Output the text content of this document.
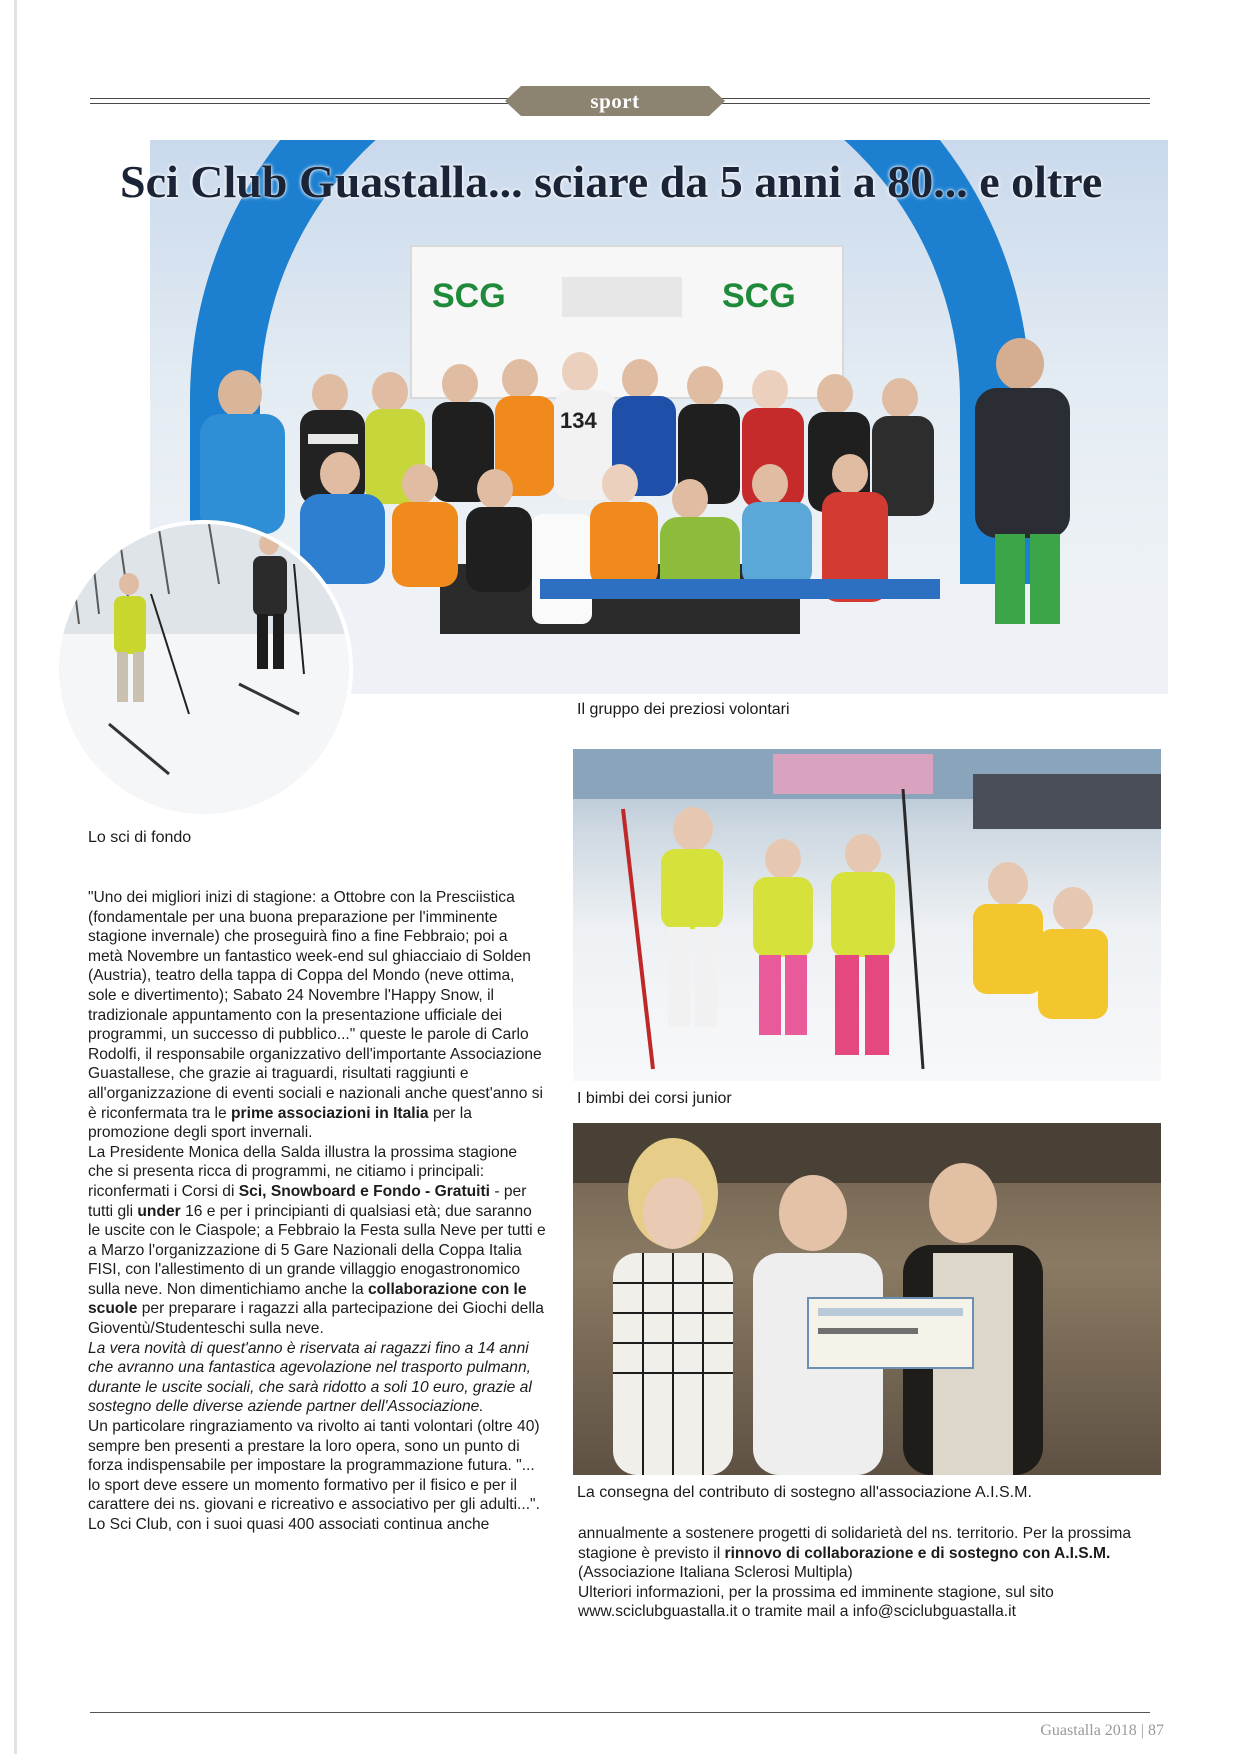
sport
SCG	SCG
134
Sci Club Guastalla... sciare da 5 anni a 80... e oltre
Lo sci di fondo
Il gruppo dei preziosi volontari
I bimbi dei corsi junior
La consegna del contributo di sostegno all'associazione A.I.S.M.

"Uno dei migliori inizi di stagione: a Ottobre con la Presciistica (fondamentale per una buona preparazione per l'imminente stagione invernale) che proseguirà fino a fine Febbraio; poi a metà Novembre un fantastico week-end sul ghiacciaio di Solden (Austria), teatro della tappa di Coppa del Mondo (neve ottima, sole e divertimento); Sabato 24 Novembre l'Happy Snow, il tradizionale appuntamento con la presentazione ufficiale dei programmi, un successo di pubblico..." queste le parole di Carlo Rodolfi, il responsabile organizzativo dell'importante Associazione Guastallese, che grazie ai traguardi, risultati raggiunti e all'organizzazione di eventi sociali e nazionali anche quest'anno si è riconfermata tra le prime associazioni in Italia per la promozione degli sport invernali.

La Presidente Monica della Salda illustra la prossima stagione che si presenta ricca di programmi, ne citiamo i principali: riconfermati i Corsi di Sci, Snowboard e Fondo - Gratuiti - per tutti gli under 16 e per i principianti di qualsiasi età; due saranno le uscite con le Ciaspole; a Febbraio la Festa sulla Neve per tutti e a Marzo l'organizzazione di 5 Gare Nazionali della Coppa Italia FISI, con l'allestimento di un grande villaggio enogastronomico sulla neve. Non dimentichiamo anche la collaborazione con le scuole per preparare i ragazzi alla partecipazione dei Giochi della Gioventù/Studenteschi sulla neve.

La vera novità di quest'anno è riservata ai ragazzi fino a 14 anni che avranno una fantastica agevolazione nel trasporto pulmann, durante le uscite sociali, che sarà ridotto a soli 10 euro, grazie al sostegno delle diverse aziende partner dell'Associazione.

Un particolare ringraziamento va rivolto ai tanti volontari (oltre 40) sempre ben presenti a prestare la loro opera, sono un punto di forza indispensabile per impostare la programmazione futura. "... lo sport deve essere un momento formativo per il fisico e per il carattere dei ns. giovani e ricreativo e associativo per gli adulti...".

Lo Sci Club, con i suoi quasi 400 associati continua anche

annualmente a sostenere progetti di solidarietà del ns. territorio. Per la prossima stagione è previsto il rinnovo di collaborazione e di sostegno con A.I.S.M. (Associazione Italiana Sclerosi Multipla)

Ulteriori informazioni, per la prossima ed imminente stagione, sul sito www.sciclubguastalla.it o tramite mail a info@sciclubguastalla.it

Guastalla 2018 | 87
